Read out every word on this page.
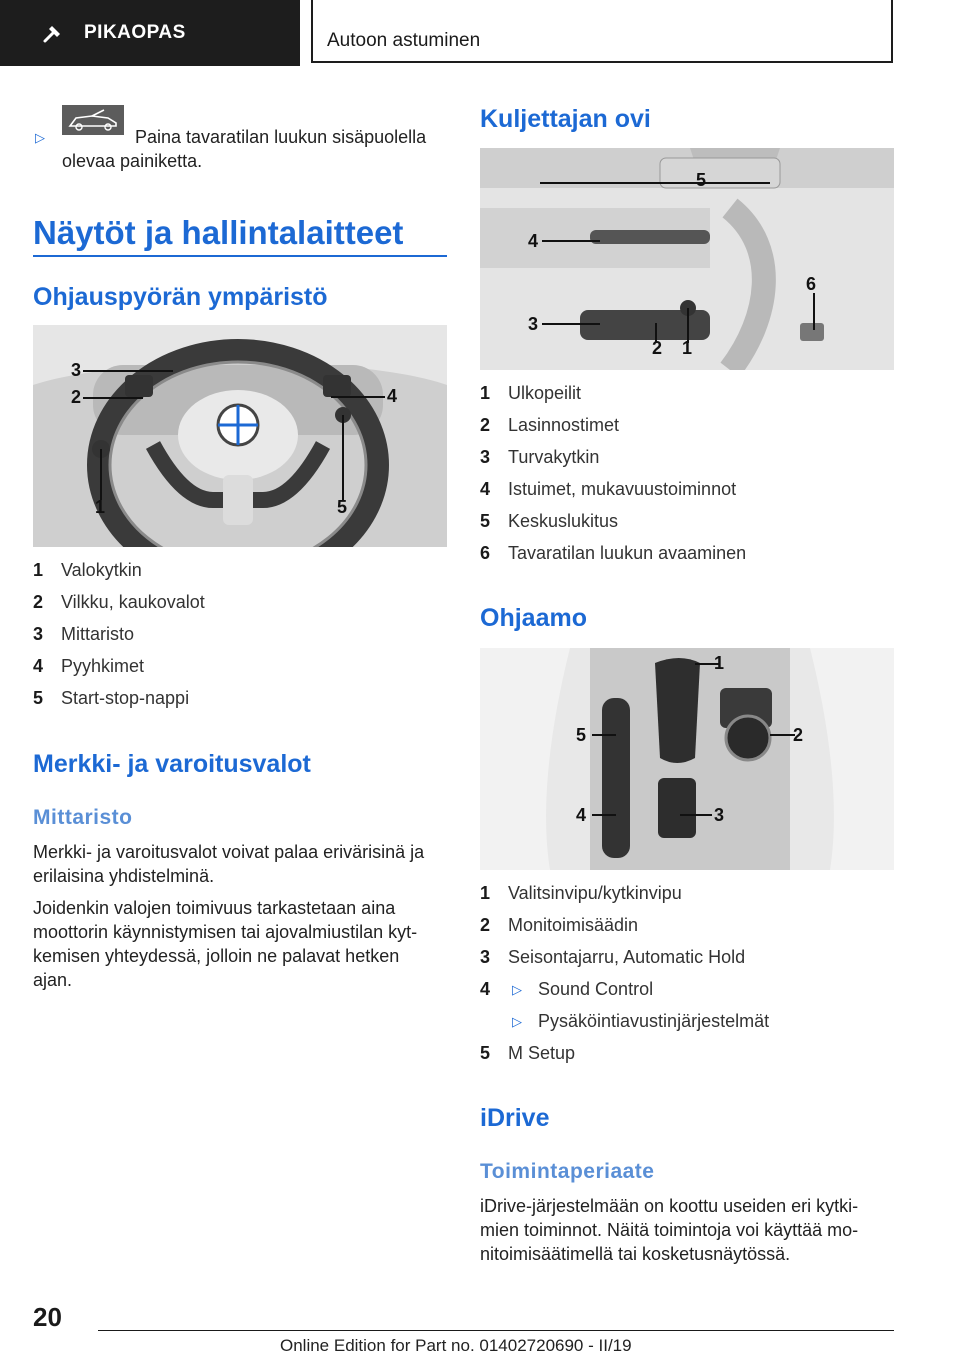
PIKAOPAS	Autoon astuminen
▷	Paina tavaratilan luukun sisäpuolella
olevaa painiketta.
Näytöt ja hallintalaitteet
Ohjauspyörän ympäristö
1
2
3
4
5
1 Valokytkin
2 Vilkku, kaukovalot
3 Mittaristo
4 Pyyhkimet
5 Start-stop-nappi
Merkki- ja varoitusvalot
Mittaristo
Merkki- ja varoitusvalot voivat palaa erivärisinä ja
erilaisina yhdistelminä.
Joidenkin valojen toimivuus tarkastetaan aina
moottorin käynnistymisen tai ajovalmiustilan kyt-
kemisen yhteydessä, jolloin ne palavat hetken
ajan.
Kuljettajan ovi
1
2
3
4
5
6
1 Ulkopeilit
2 Lasinnostimet
3 Turvakytkin
4 Istuimet, mukavuustoiminnot
5 Keskuslukitus
6 Tavaratilan luukun avaaminen
Ohjaamo
1
2
3
4
5
1 Valitsinvipu/kytkinvipu
2 Monitoimisäädin
3 Seisontajarru, Automatic Hold
4 ▷ Sound Control
▷ Pysäköintiavustinjärjestelmät
5 M Setup
iDrive
Toimintaperiaate
iDrive-järjestelmään on koottu useiden eri kytki-
mien toiminnot. Näitä toimintoja voi käyttää mo-
nitoimisäätimellä tai kosketusnäytössä.
20
Online Edition for Part no. 01402720690 - II/19
